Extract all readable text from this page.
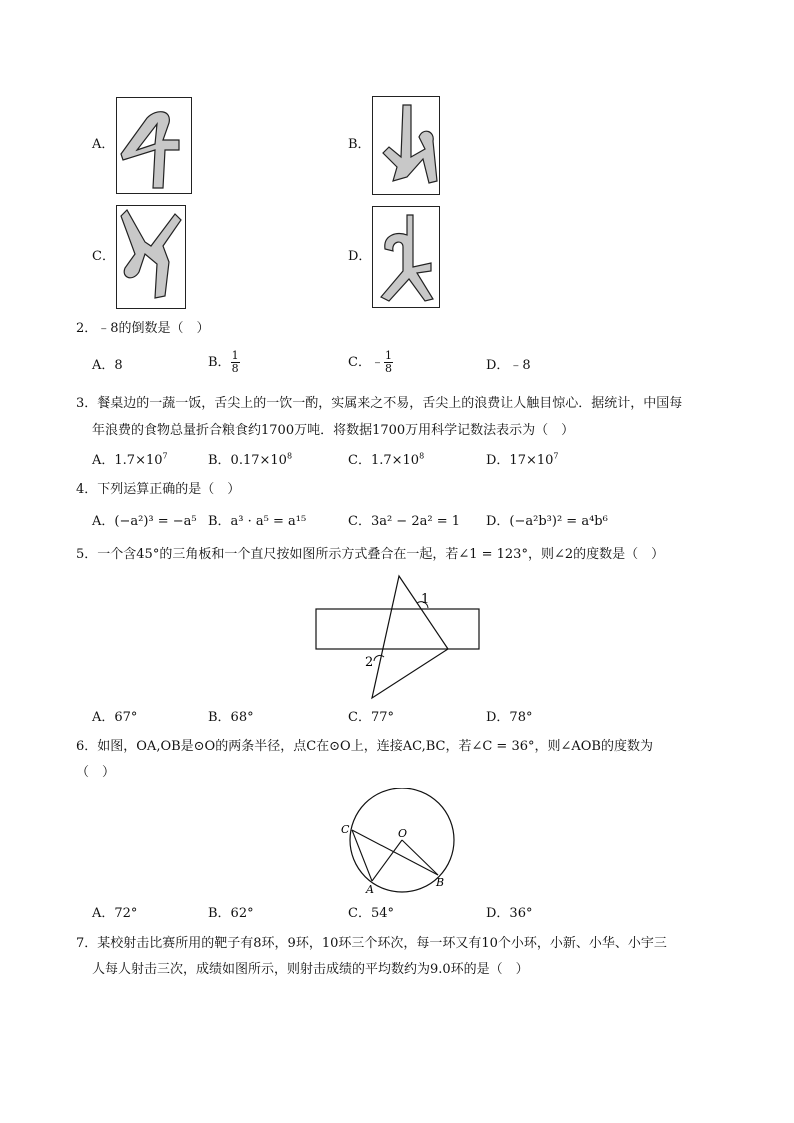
A．	B．
C．	D．
2．﹣8的倒数是（　）
A．8	B． $\frac{1}{8}$	C．﹣ $\frac{1}{8}$	D．﹣8
3．餐桌边的一蔬一饭，舌尖上的一饮一酌，实属来之不易，舌尖上的浪费让人触目惊心．据统计，中国每
年浪费的食物总量折合粮食约1700万吨．将数据1700万用科学记数法表示为（　）
A．$1.7\times 10^7$	B．$0.17\times 10^8$	C．$1.7\times 10^8$	D．$17\times 10^7$
4．下列运算正确的是（　）
A．(−a²)³ = −a⁵ B．a³ · a⁵ = a¹⁵	C．3a² − 2a² = 1 D．(−a²b³)² = a⁴b⁶
5．一个含45°的三角板和一个直尺按如图所示方式叠合在一起，若∠1 = 123°，则∠2的度数是（　）
1
2
A．67°	B．68°	C．77°	D．78°
6．如图，OA,OB是⊙O的两条半径，点C在⊙O上，连接AC,BC，若∠C = 36°，则∠AOB的度数为
（　）
C	O
A
B
A．72°	B．62°	C．54°	D．36°
7．某校射击比赛所用的靶子有8环，9环，10环三个环次，每一环又有10个小环，小新、小华、小宇三
人每人射击三次，成绩如图所示，则射击成绩的平均数约为9.0环的是（　）
